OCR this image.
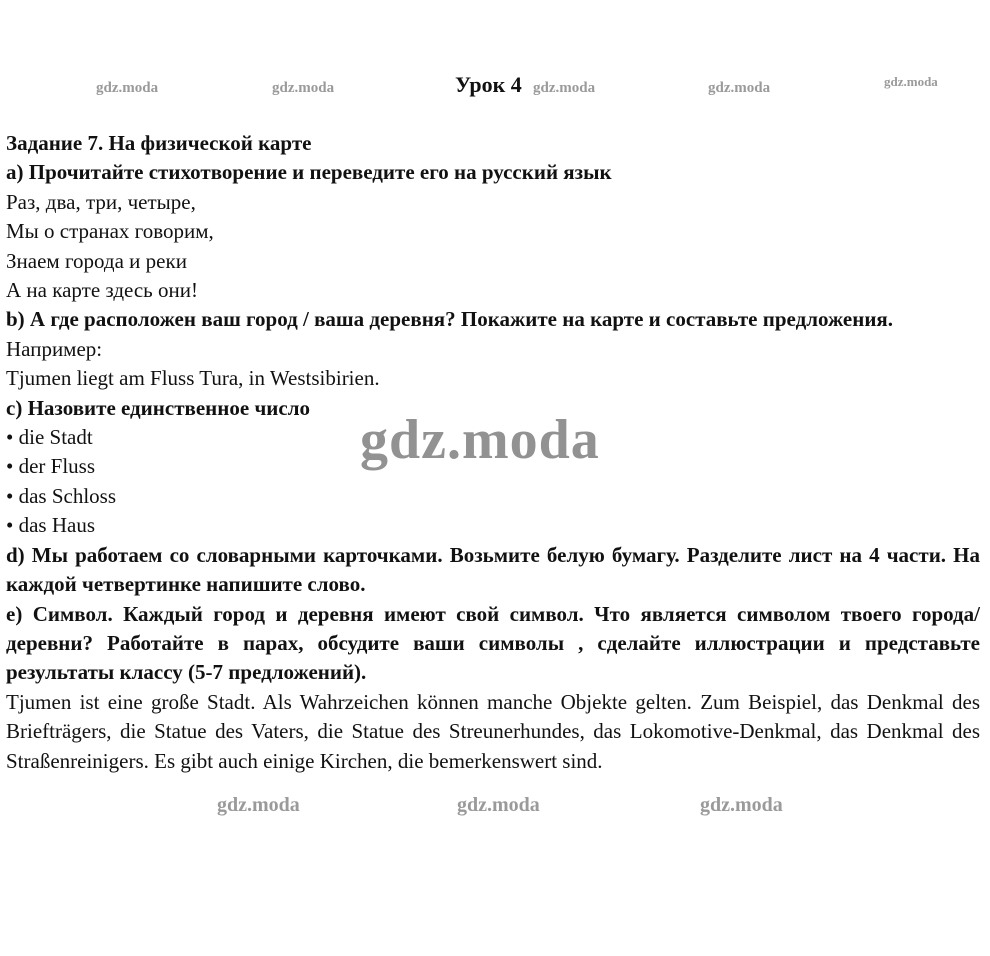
Урок 4
Задание 7. На физической карте
a) Прочитайте стихотворение и переведите его на русский язык
Раз, два, три, четыре,
Мы о странах говорим,
Знаем города и реки
А на карте здесь они!
b) А где расположен ваш город / ваша деревня? Покажите на карте и составьте предложения.
Например:
Tjumen liegt am Fluss Tura, in Westsibirien.
c) Назовите единственное число
• die Stadt
• der Fluss
• das Schloss
• das Haus
d) Мы работаем со словарными карточками. Возьмите белую бумагу. Разделите лист на 4 части. На каждой четвертинке напишите слово.
e) Символ. Каждый город и деревня имеют свой символ. Что является символом твоего города/деревни? Работайте в парах, обсудите ваши символы , сделайте иллюстрации и представьте результаты классу (5-7 предложений).
Tjumen ist eine große Stadt. Als Wahrzeichen können manche Objekte gelten. Zum Beispiel, das Denkmal des Briefträgers, die Statue des Vaters, die Statue des Streunerhundes, das Lokomotive-Denkmal, das Denkmal des Straßenreinigers. Es gibt auch einige Kirchen, die bemerkenswert sind.
gdz.moda	gdz.moda	gdz.moda	gdz.moda	gdz.moda
gdz.moda
gdz.moda	gdz.moda	gdz.moda
